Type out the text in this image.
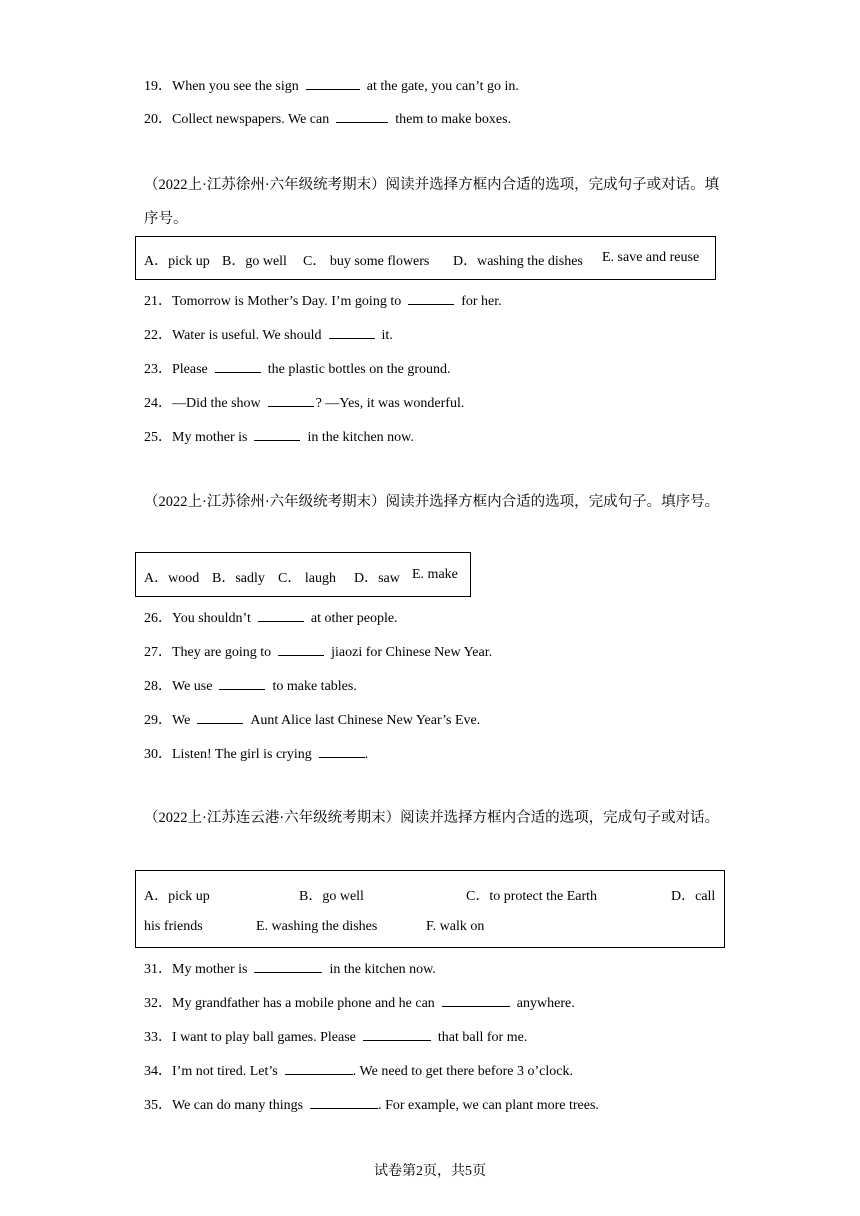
19．When you see the sign	at the gate, you can’t go in.
20．Collect newspapers. We can	them to make boxes.
（2022上·江苏徐州·六年级统考期末）阅读并选择方框内合适的选项，完成句子或对话。填序号。
A．pick up B．go well C． buy some flowers D．washing the dishes E. save and reuse
21．Tomorrow is Mother’s Day. I’m going to	for her.
22．Water is useful. We should	it.
23．Please	the plastic bottles on the ground.
24．—Did the show	? —Yes, it was wonderful.
25．My mother is	in the kitchen now.
（2022上·江苏徐州·六年级统考期末）阅读并选择方框内合适的选项，完成句子。填序号。
A．wood B．sadly C． laugh D．saw E. make
26．You shouldn’t	at other people.
27．They are going to	jiaozi for Chinese New Year.
28．We use	to make tables.
29．We	Aunt Alice last Chinese New Year’s Eve.
30．Listen! The girl is crying	.
（2022上·江苏连云港·六年级统考期末）阅读并选择方框内合适的选项，完成句子或对话。
A．pick up	B．go well	C．to protect the Earth	D．call
his friends	E. washing the dishes	F. walk on
31．My mother is	in the kitchen now.
32．My grandfather has a mobile phone and he can	anywhere.
33．I want to play ball games. Please	that ball for me.
34．I’m not tired. Let’s	. We need to get there before 3 o’clock.
35．We can do many things	. For example, we can plant more trees.
试卷第2页，共5页
